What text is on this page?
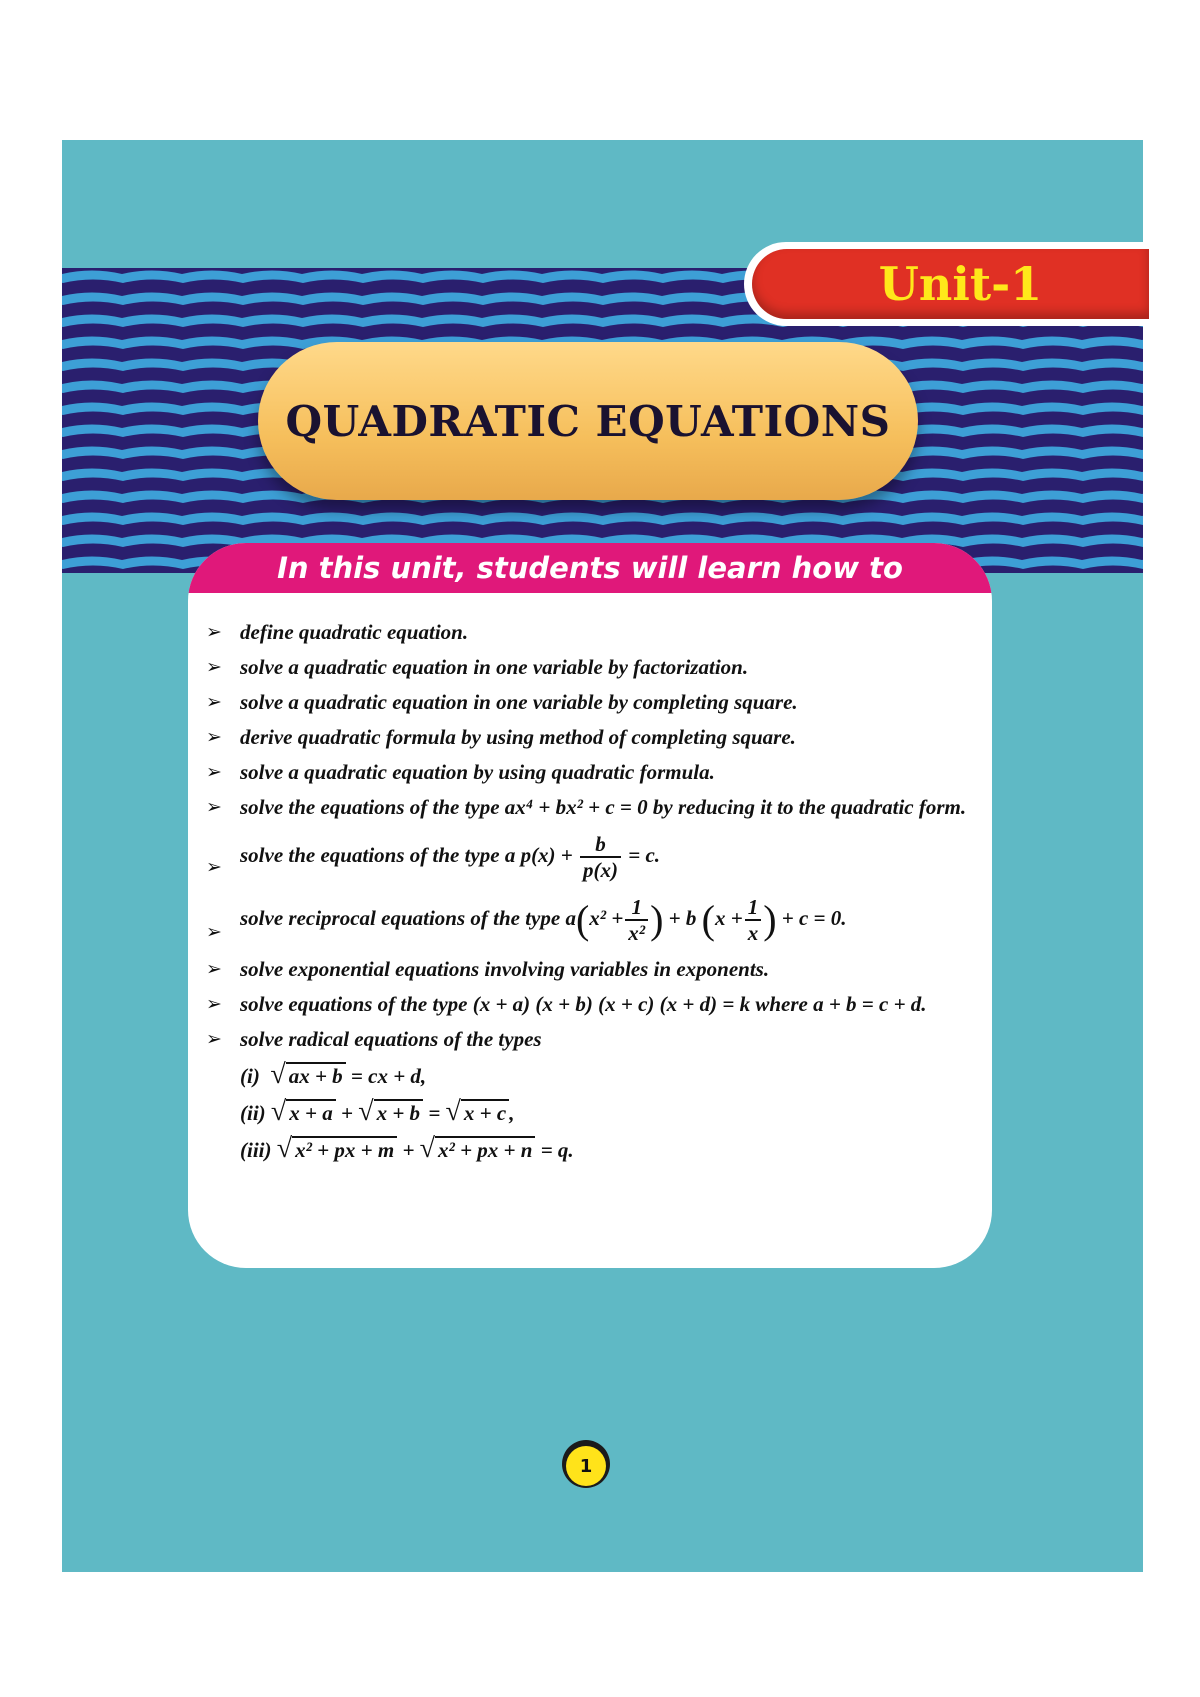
Unit-1
QUADRATIC EQUATIONS
In this unit, students will learn how to
➢ define quadratic equation.
➢ solve a quadratic equation in one variable by factorization.
➢ solve a quadratic equation in one variable by completing square.
➢ derive quadratic formula by using method of completing square.
➢ solve a quadratic equation by using quadratic formula.
➢ solve the equations of the type ax⁴ + bx² + c = 0 by reducing it to the quadratic form.
➢ solve the equations of the type a $p(x) + \frac{b}{p(x)} = c$.
➢
solve reciprocal equations of the type $a(x^2 + \frac{1}{\text{x²}}$ ) + b ($x + \frac{1}{x}$ ) + c = 0.
➢ solve exponential equations involving variables in exponents.
➢ solve equations of the type (x + a) (x + b) (x + c) (x + d) = k where a + b = c + d.
➢ solve radical equations of the types
(i) √ ax + b = cx + d,
(ii) √ x + a + √ x + b = √ x + c ,
(iii) √ x² + px + m + √ x² + px + n = q.
1
